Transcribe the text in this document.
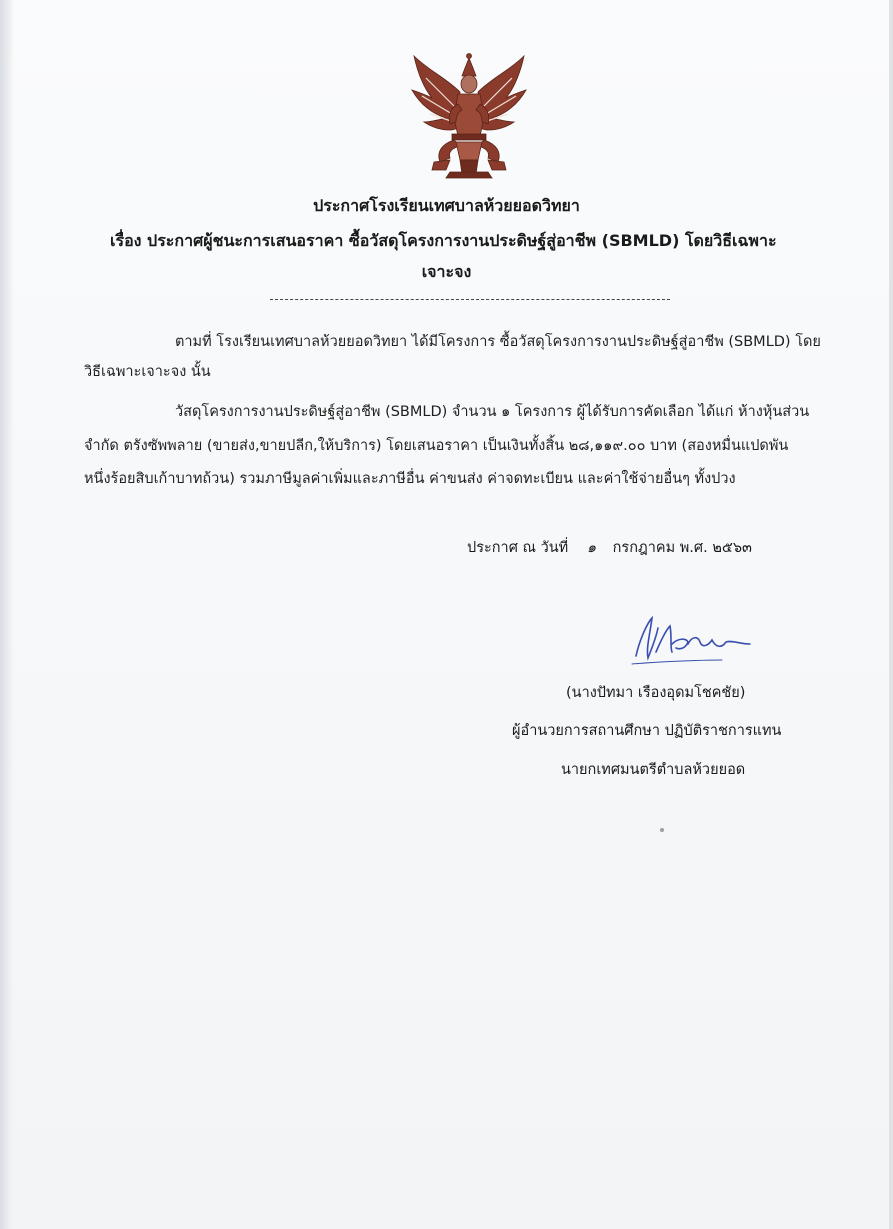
ประกาศโรงเรียนเทศบาลห้วยยอดวิทยา
เรื่อง ประกาศผู้ชนะการเสนอราคา ซื้อวัสดุโครงการงานประดิษฐ์สู่อาชีพ (SBMLD) โดยวิธีเฉพาะ
เจาะจง
ตามที่ โรงเรียนเทศบาลห้วยยอดวิทยา ได้มีโครงการ ซื้อวัสดุโครงการงานประดิษฐ์สู่อาชีพ (SBMLD) โดย
วิธีเฉพาะเจาะจง นั้น
วัสดุโครงการงานประดิษฐ์สู่อาชีพ (SBMLD) จำนวน ๑ โครงการ ผู้ได้รับการคัดเลือก ได้แก่ ห้างหุ้นส่วน
จำกัด ตรังซัพพลาย (ขายส่ง,ขายปลีก,ให้บริการ) โดยเสนอราคา เป็นเงินทั้งสิ้น ๒๘,๑๑๙.๐๐ บาท (สองหมื่นแปดพัน
หนึ่งร้อยสิบเก้าบาทถ้วน) รวมภาษีมูลค่าเพิ่มและภาษีอื่น ค่าขนส่ง ค่าจดทะเบียน และค่าใช้จ่ายอื่นๆ ทั้งปวง
ประกาศ ณ วันที่ ๑ กรกฎาคม พ.ศ. ๒๕๖๓
(นางปัทมา เรืองอุดมโชคชัย)
ผู้อำนวยการสถานศึกษา ปฏิบัติราชการแทน
นายกเทศมนตรีตำบลห้วยยอด
